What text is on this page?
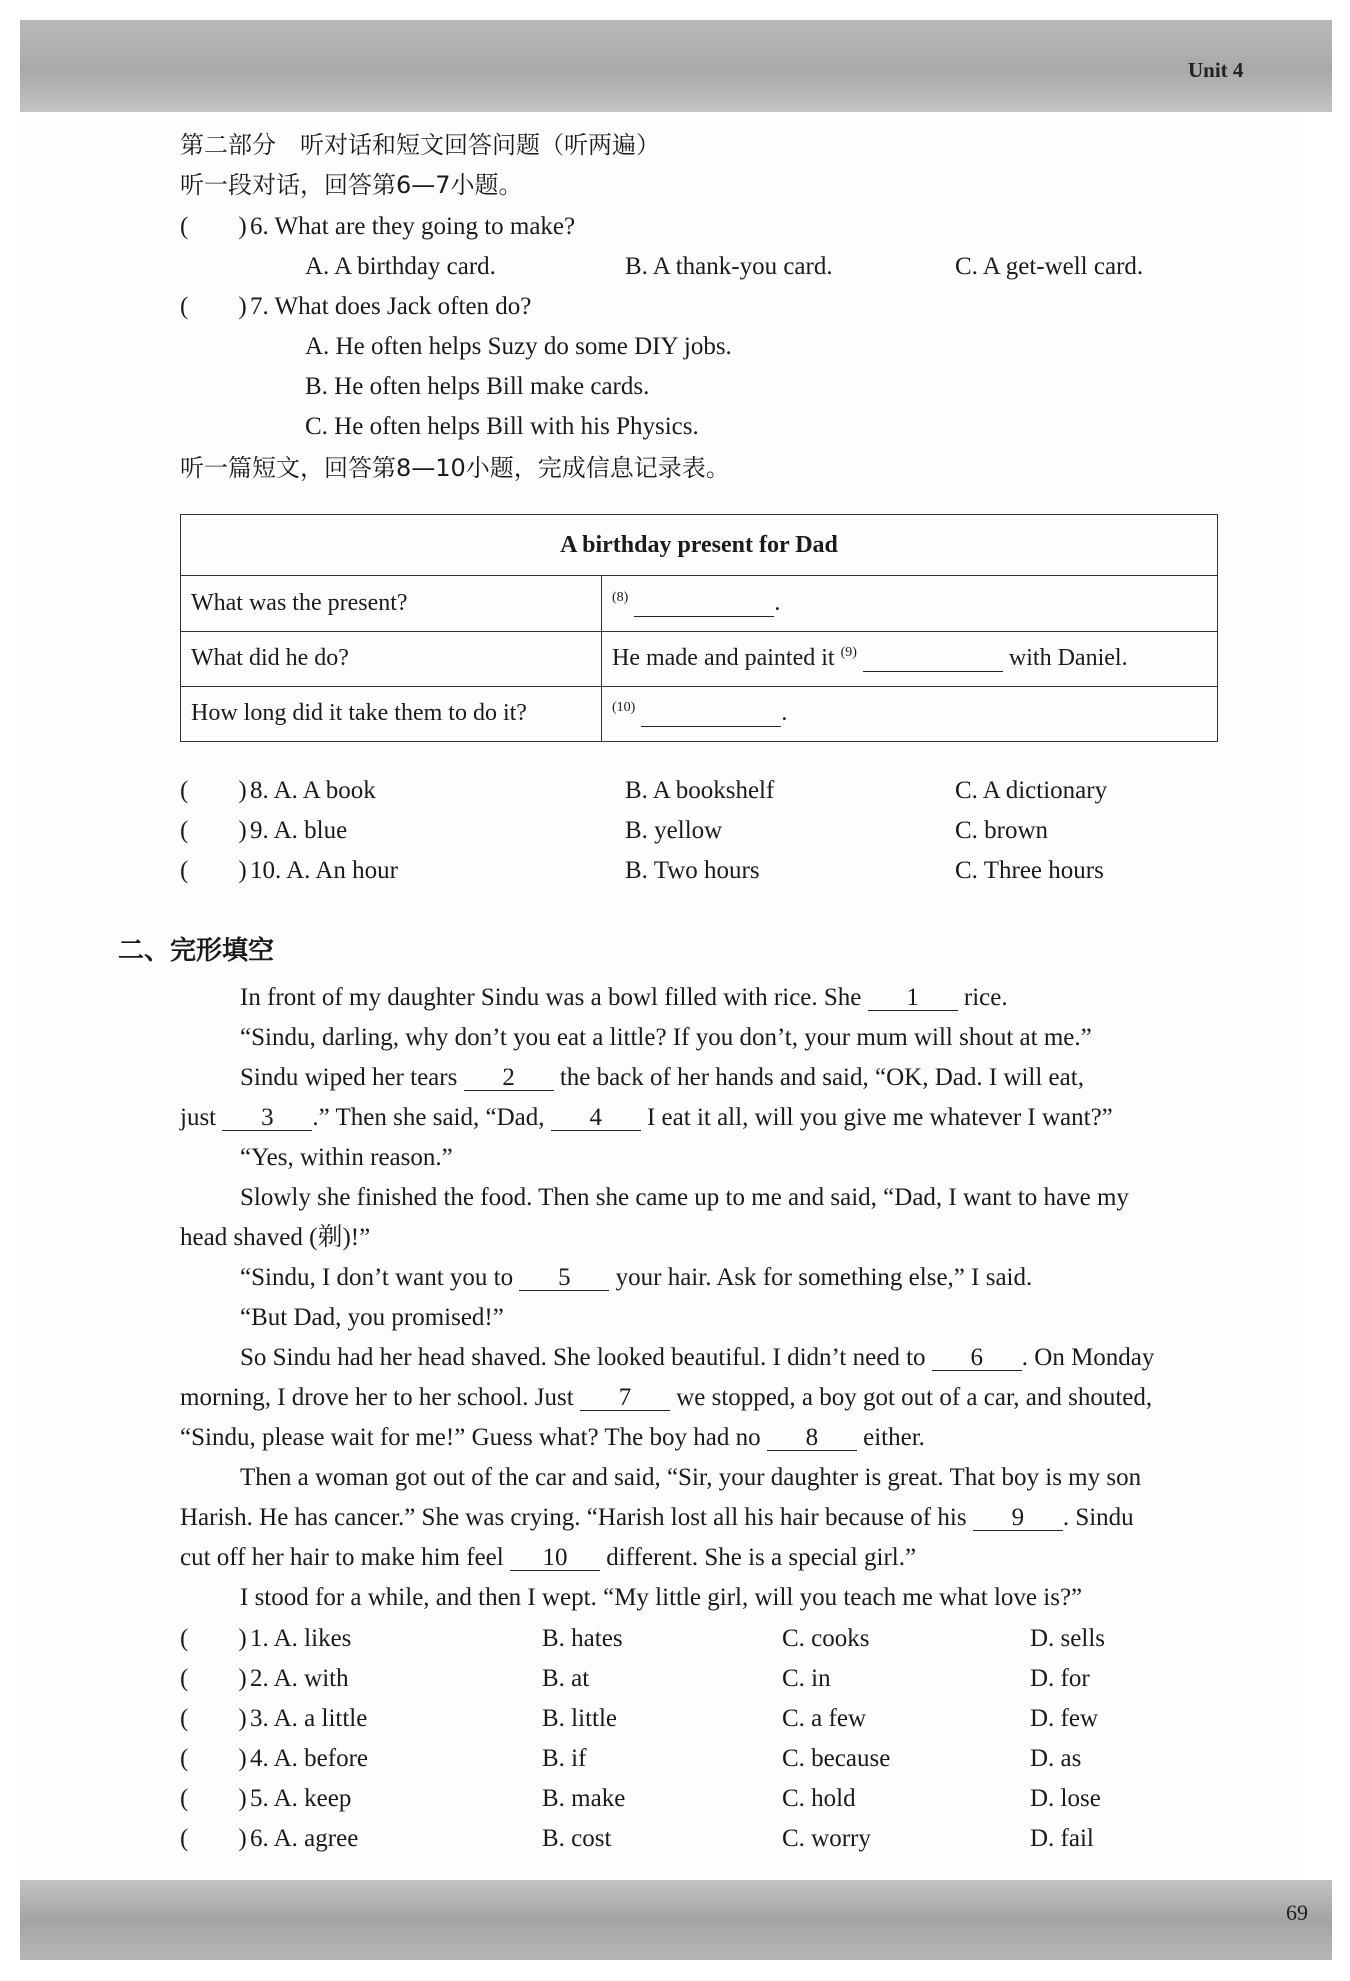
Unit 4
69
第二部分　听对话和短文回答问题（听两遍）
听一段对话，回答第6—7小题。
(　　) 6. What are they going to make?
A. A birthday card.	B. A thank-you card.	C. A get-well card.
(　　) 7. What does Jack often do?
A. He often helps Suzy do some DIY jobs.
B. He often helps Bill make cards.
C. He often helps Bill with his Physics.
听一篇短文，回答第8—10小题，完成信息记录表。
A birthday present for Dad	
What was the present?	$^{(8)}$ .
What did he do?	He made and painted it $^{(9)}$ with Daniel.
How long did it take them to do it?	$^{(10)}$ .
(　　) 8. A. A book	B. A bookshelf	C. A dictionary
(　　) 9. A. blue	B. yellow	C. brown
(　　) 10. A. An hour	B. Two hours	C. Three hours
二、完形填空
In front of my daughter Sindu was a bowl filled with rice. She 1 rice.
“Sindu, darling, why don’t you eat a little? If you don’t, your mum will shout at me.”
Sindu wiped her tears 2 the back of her hands and said, “OK, Dad. I will eat,
just 3 .” Then she said, “Dad, 4 I eat it all, will you give me whatever I want?”
“Yes, within reason.”
Slowly she finished the food. Then she came up to me and said, “Dad, I want to have my
head shaved (剃)!”
“Sindu, I don’t want you to 5 your hair. Ask for something else,” I said.
“But Dad, you promised!”
So Sindu had her head shaved. She looked beautiful. I didn’t need to 6 . On Monday
morning, I drove her to her school. Just 7 we stopped, a boy got out of a car, and shouted,
“Sindu, please wait for me!” Guess what? The boy had no 8 either.
Then a woman got out of the car and said, “Sir, your daughter is great. That boy is my son
Harish. He has cancer.” She was crying. “Harish lost all his hair because of his 9 . Sindu
cut off her hair to make him feel 10 different. She is a special girl.”
I stood for a while, and then I wept. “My little girl, will you teach me what love is?”
(　　) 1. A. likes	B. hates	C. cooks	D. sells
(　　) 2. A. with	B. at	C. in	D. for
(　　) 3. A. a little	B. little	C. a few	D. few
(　　) 4. A. before	B. if	C. because	D. as
(　　) 5. A. keep	B. make	C. hold	D. lose
(　　) 6. A. agree	B. cost	C. worry	D. fail
